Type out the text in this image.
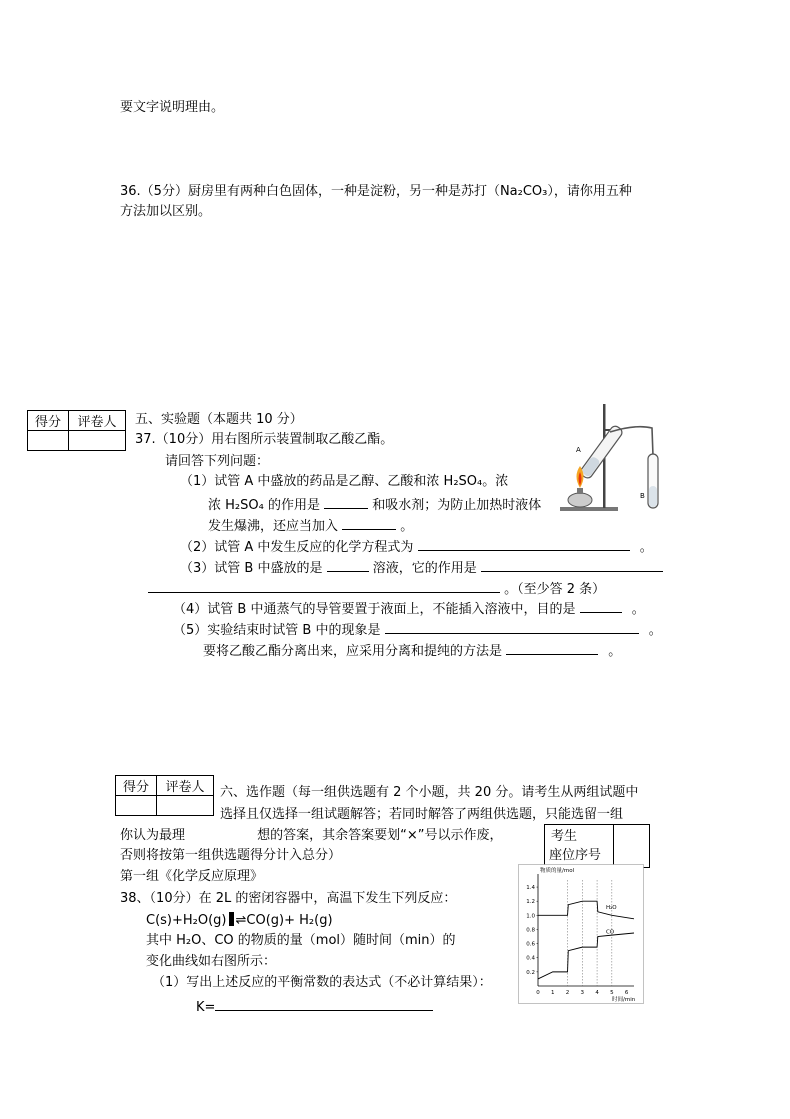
要文字说明理由。
36.（5分）厨房里有两种白色固体，一种是淀粉，另一种是苏打（Na₂CO₃），请你用五种
方法加以区别。
得分	评卷人
	五、实验题（本题共 10 分）
37.（10分）用右图所示装置制取乙酸乙酯。
请回答下列问题：
（1）试管 A 中盛放的药品是乙醇、乙酸和浓 H₂SO₄。浓
浓 H₂SO₄ 的作用是	和吸水剂；为防止加热时液体
发生爆沸，还应当加入	。
（2）试管 A 中发生反应的化学方程式为	。
（3）试管 B 中盛放的是	溶液，它的作用是
。（至少答 2 条）
（4）试管 B 中通蒸气的导管要置于液面上，不能插入溶液中，目的是	。
（5）实验结束时试管 B 中的现象是	。
要将乙酸乙酯分离出来，应采用分离和提纯的方法是	。
A
B
得分	评卷人
	六、选作题（每一组供选题有 2 个小题，共 20 分。请考生从两组试题中
选择且仅选择一组试题解答；若同时解答了两组供选题，只能选留一组
你认为最理	想的答案，其余答案要划“×”号以示作废，
否则将按第一组供选题得分计入总分）
考生
座位序号
第一组《化学反应原理》
38、（10分）在 2L 的密闭容器中，高温下发生下列反应：
C(s)+H₂O(g) ⇌CO(g)+ H₂(g)
其中 H₂O、CO 的物质的量（mol）随时间（min）的
变化曲线如右图所示：
（1）写出上述反应的平衡常数的表达式（不必计算结果）：
K=
物质的量/mol
时间/min
1.4
1.2
1.0
0.8
0.6
0.4
0.2
0 1 2 3 4 5 6
H₂O
CO
